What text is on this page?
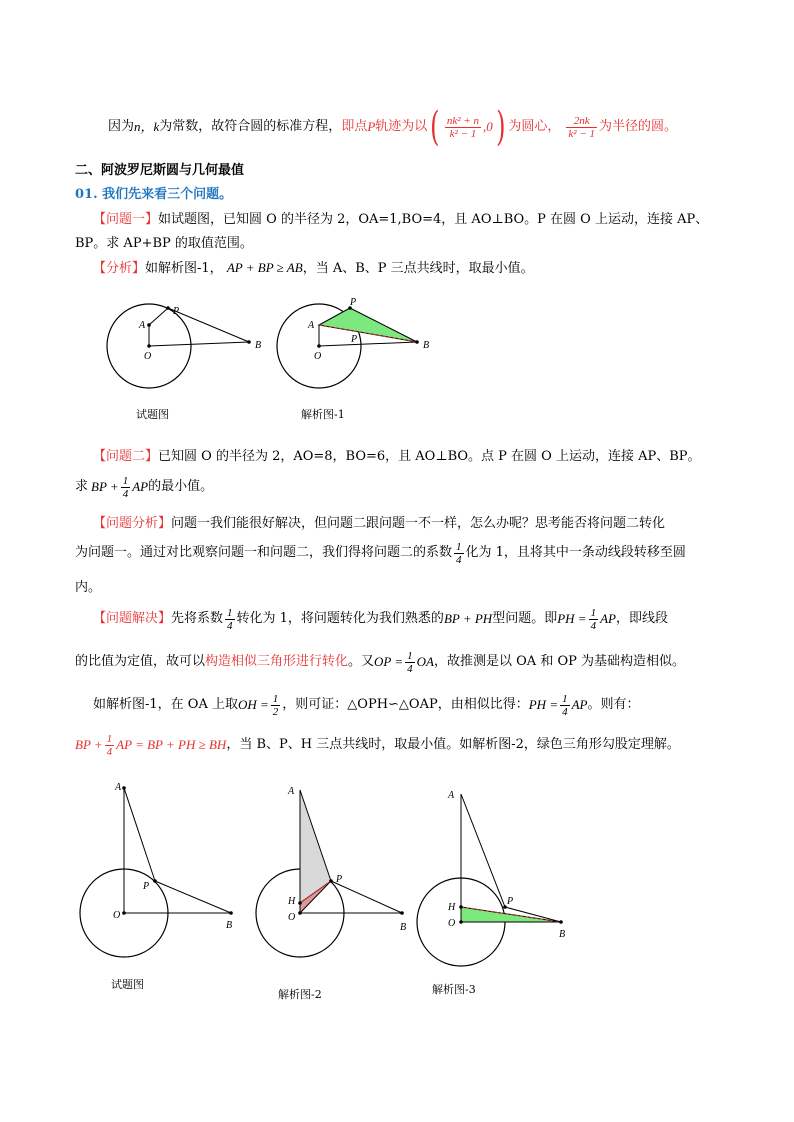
因为 n，k 为常数，故符合圆的标准方程， 即点 P 轨迹为以 ( $\frac{\text{nk² + n}}{\text{k² − 1}} ,0$ ) 为圆心， $\frac{2nk}{\text{k² − 1}}$ 为半径的圆。
二、阿波罗尼斯圆与几何最值
01. 我们先来看三个问题。
【问题一】如试题图，已知圆 O 的半径为 2，OA=1,BO=4，且 AO⊥BO。P 在圆 O 上运动，连接 AP、
BP。求 AP+BP 的取值范围。
【分析】如解析图-1， AP + BP ≥ AB，当 A、B、P 三点共线时，取最小值。
A
P
B
O
试题图
A
P
P
B
O
解析图-1
【问题二】已知圆 O 的半径为 2，AO=8，BO=6，且 AO⊥BO。点 P 在圆 O 上运动，连接 AP、BP。
求 BP + $\frac{1}{4}$ AP 的最小值。
【问题分析】问题一我们能很好解决，但问题二跟问题一不一样，怎么办呢？思考能否将问题二转化
为问题一。通过对比观察问题一和问题二，我们得将问题二的系数 $\frac{1}{4}$ 化为 1，且将其中一条动线段转移至圆
内。
【问题解决】 先将系数 $\frac{1}{4}$ 转化为 1，将问题转化为我们熟悉的 BP + PH 型问题。即 PH = $\frac{1}{4}$ AP ，即线段
的比值为定值，故可以 构造相似三角形进行转化 。又 OP = $\frac{1}{4}$ OA ，故推测是以 OA 和 OP 为基础构造相似。
如解析图-1，在 OA 上取 OH = $\frac{1}{2}$ ，则可证：△OPH∽△OAP，由相似比得： PH = $\frac{1}{4}$ AP 。则有：
BP + $\frac{1}{4}$ AP = BP + PH ≥ BH ，当 B、P、H 三点共线时，取最小值。如解析图-2，绿色三角形勾股定理解。
A
P
B
O
试题图
A
P
H
O
B
解析图-2
A
P
H
O
B
解析图-3
